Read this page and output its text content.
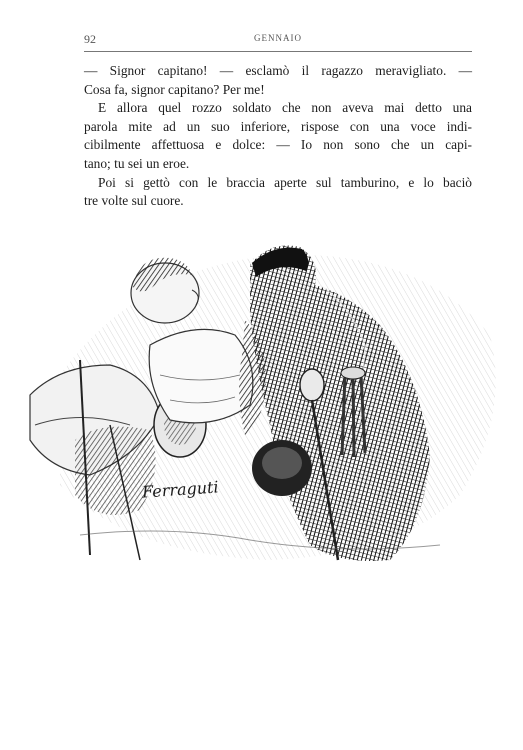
92	GENNAIO
— Signor capitano! — esclamò il ragazzo meravigliato. —
Cosa fa, signor capitano? Per me!
E allora quel rozzo soldato che non aveva mai detto una
parola mite ad un suo inferiore, rispose con una voce indi-
cibilmente affettuosa e dolce: — Io non sono che un capi-
tano; tu sei un eroe.
Poi si gettò con le braccia aperte sul tamburino, e lo baciò
tre volte sul cuore.
Ferraguti
